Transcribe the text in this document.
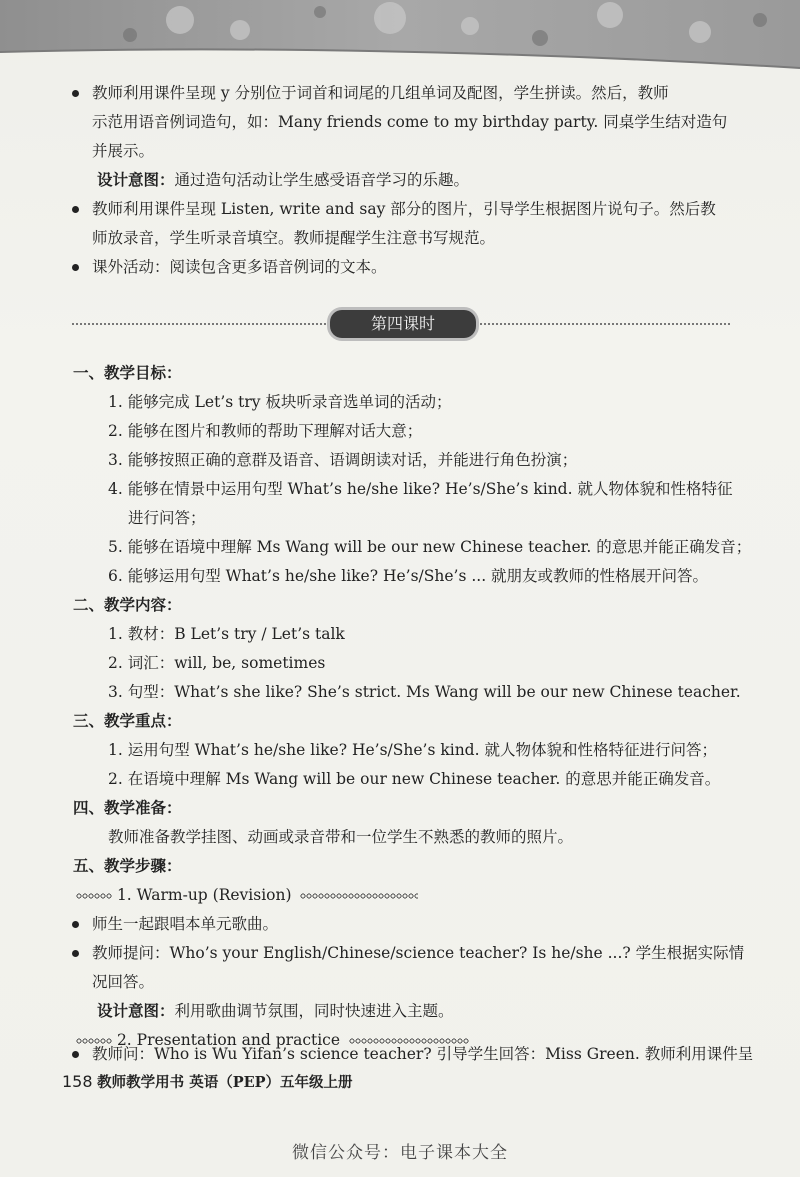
教师利用课件呈现 y 分别位于词首和词尾的几组单词及配图，学生拼读。然后，教师
示范用语音例词造句，如：Many friends come to my birthday party. 同桌学生结对造句
并展示。
设计意图：通过造句活动让学生感受语音学习的乐趣。
教师利用课件呈现 Listen, write and say 部分的图片，引导学生根据图片说句子。然后教
师放录音，学生听录音填空。教师提醒学生注意书写规范。
课外活动：阅读包含更多语音例词的文本。
第四课时
一、教学目标：
1. 能够完成 Let’s try 板块听录音选单词的活动；
2. 能够在图片和教师的帮助下理解对话大意；
3. 能够按照正确的意群及语音、语调朗读对话，并能进行角色扮演；
4. 能够在情景中运用句型 What’s he/she like? He’s/She’s kind. 就人物体貌和性格特征
进行问答；
5. 能够在语境中理解 Ms Wang will be our new Chinese teacher. 的意思并能正确发音；
6. 能够运用句型 What’s he/she like? He’s/She’s ... 就朋友或教师的性格展开问答。
二、教学内容：
1. 教材：B Let’s try / Let’s talk
2. 词汇：will, be, sometimes
3. 句型：What’s she like? She’s strict. Ms Wang will be our new Chinese teacher.
三、教学重点：
1. 运用句型 What’s he/she like? He’s/She’s kind. 就人物体貌和性格特征进行问答；
2. 在语境中理解 Ms Wang will be our new Chinese teacher. 的意思并能正确发音。
四、教学准备：
教师准备教学挂图、动画或录音带和一位学生不熟悉的教师的照片。
五、教学步骤：
1. Warm-up (Revision)
师生一起跟唱本单元歌曲。
教师提问：Who’s your English/Chinese/science teacher? Is he/she ...? 学生根据实际情
况回答。
设计意图：利用歌曲调节氛围，同时快速进入主题。
2. Presentation and practice
教师问：Who is Wu Yifan’s science teacher? 引导学生回答：Miss Green. 教师利用课件呈
158 教师教学用书 英语（PEP）五年级上册
微信公众号：电子课本大全
